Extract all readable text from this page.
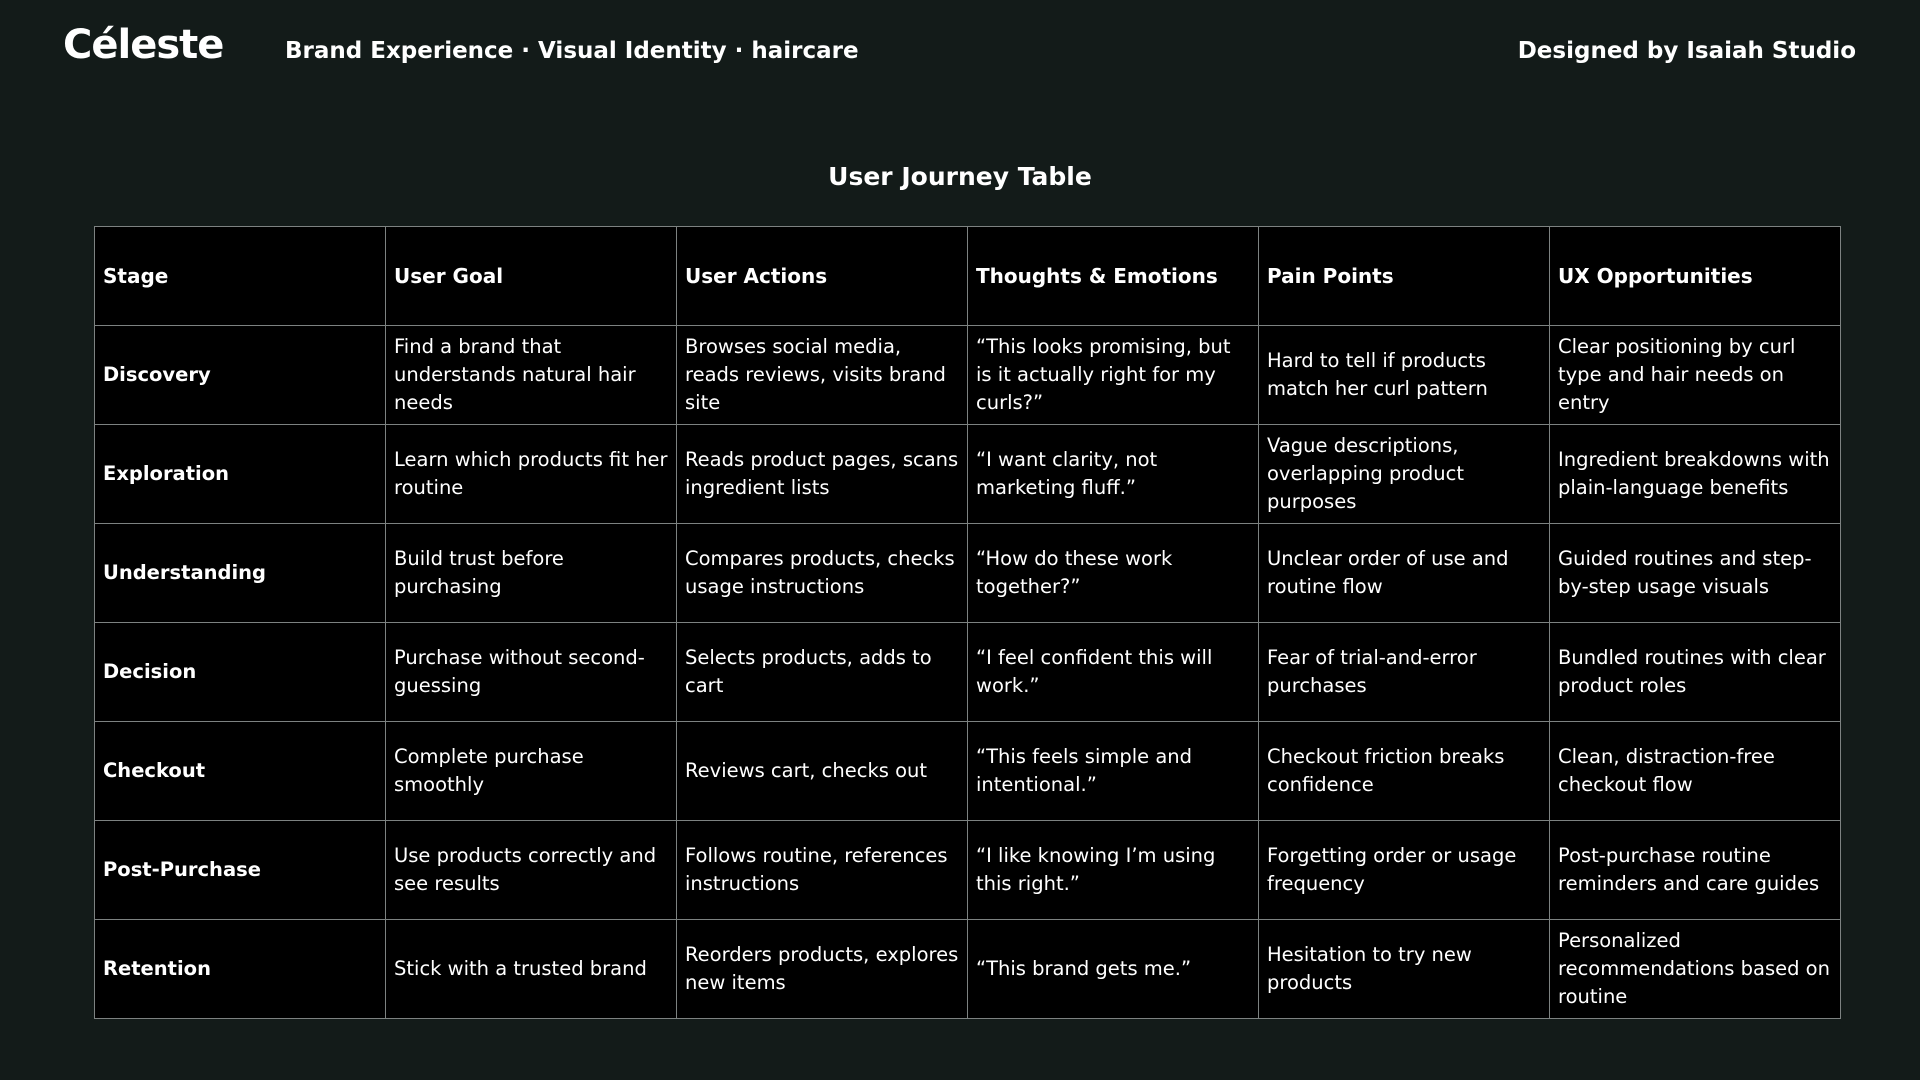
Céleste	Brand Experience · Visual Identity · haircare	Designed by Isaiah Studio
User Journey Table
Stage	User Goal	User Actions	Thoughts & Emotions	Pain Points	UX Opportunities
Discovery	Find a brand that understands natural hair needs	Browses social media, reads reviews, visits brand site	“This looks promising, but is it actually right for my curls?”	Hard to tell if products match her curl pattern	Clear positioning by curl type and hair needs on entry
Exploration	Learn which products fit her routine	Reads product pages, scans ingredient lists	“I want clarity, not marketing fluff.”	Vague descriptions, overlapping product purposes	Ingredient breakdowns with plain-language benefits
Understanding	Build trust before purchasing	Compares products, checks usage instructions	“How do these work together?”	Unclear order of use and routine flow	Guided routines and step-by-step usage visuals
Decision	Purchase without second-guessing	Selects products, adds to cart	“I feel confident this will work.”	Fear of trial-and-error purchases	Bundled routines with clear product roles
Checkout	Complete purchase smoothly	Reviews cart, checks out	“This feels simple and intentional.”	Checkout friction breaks confidence	Clean, distraction-free checkout flow
Post-Purchase	Use products correctly and see results	Follows routine, references instructions	“I like knowing I’m using this right.”	Forgetting order or usage frequency	Post-purchase routine reminders and care guides
Retention	Stick with a trusted brand	Reorders products, explores new items	“This brand gets me.”	Hesitation to try new products	Personalized recommendations based on routine
